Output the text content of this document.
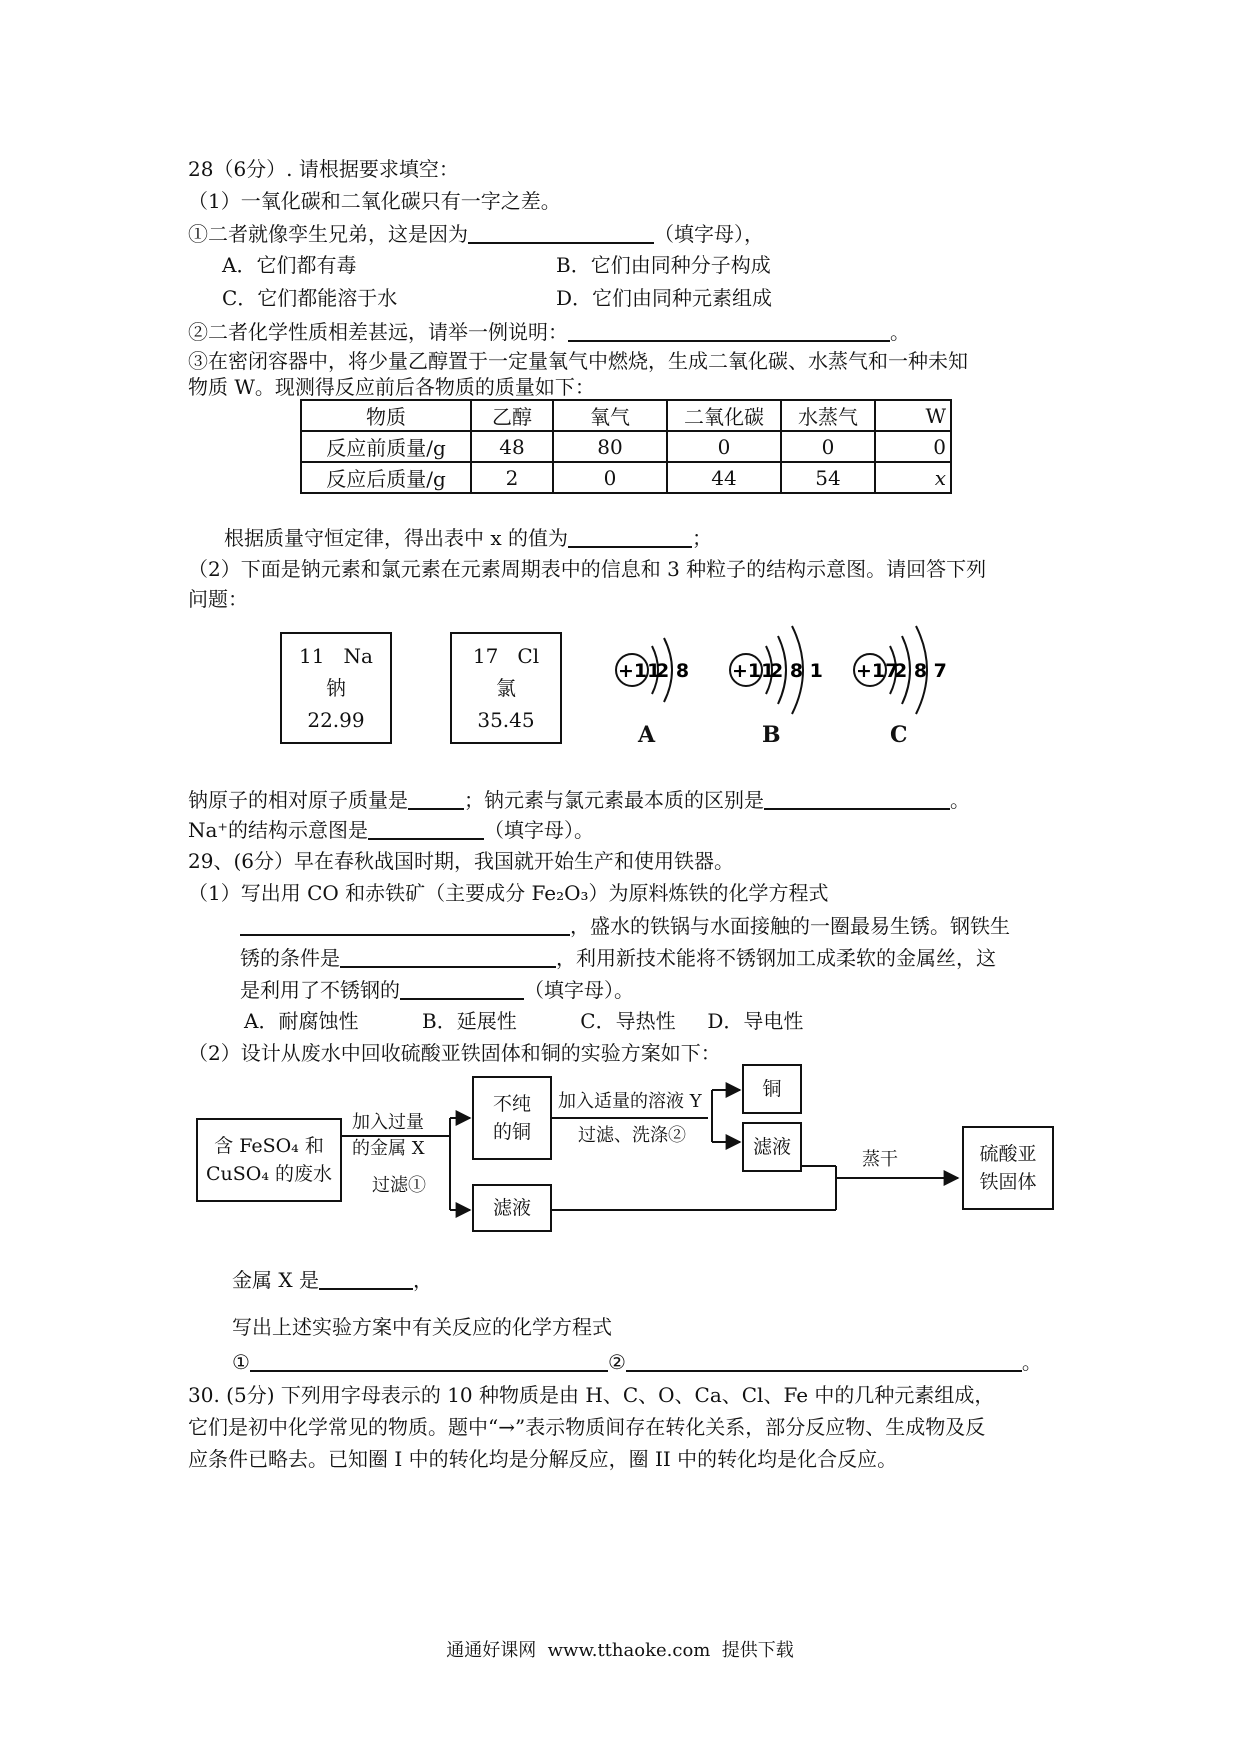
28（6分）. 请根据要求填空：
（1）一氧化碳和二氧化碳只有一字之差。
①二者就像孪生兄弟，这是因为	（填字母），
A．它们都有毒	B．它们由同种分子构成
C．它们都能溶于水	D．它们由同种元素组成
②二者化学性质相差甚远，请举一例说明：	。
③在密闭容器中，将少量乙醇置于一定量氧气中燃烧，生成二氧化碳、水蒸气和一种未知
物质 W。现测得反应前后各物质的质量如下：
物质	乙醇	氧气	二氧化碳	水蒸气	W
反应前质量/g	48	80	0	0	0
反应后质量/g	2	0	44	54	x
根据质量守恒定律，得出表中 x 的值为	；
（2）下面是钠元素和氯元素在元素周期表中的信息和 3 种粒子的结构示意图。请回答下列
问题：
11   Na
钠
22.99
17   Cl
氯
35.45
+11
2 8
A
+11
2 8 1
B
+17
2 8 7
C
钠原子的相对原子质量是	；钠元素与氯元素最本质的区别是	。
Na⁺的结构示意图是	（填字母）。
29、(6分）早在春秋战国时期，我国就开始生产和使用铁器。
（1）写出用 CO 和赤铁矿（主要成分 Fe₂O₃）为原料炼铁的化学方程式
，盛水的铁锅与水面接触的一圈最易生锈。钢铁生
锈的条件是	，利用新技术能将不锈钢加工成柔软的金属丝，这
是利用了不锈钢的	（填字母）。
A．耐腐蚀性          B．延展性          C．导热性     D．导电性
（2）设计从废水中回收硫酸亚铁固体和铜的实验方案如下：
含 FeSO₄ 和
CuSO₄ 的废水
加入过量
的金属 X
过滤①
不纯
的铜
滤液
加入适量的溶液 Y
过滤、洗涤②
铜
滤液
蒸干	硫酸亚
铁固体
金属 X 是	，
写出上述实验方案中有关反应的化学方程式
①	②	。
30. (5分) 下列用字母表示的 10 种物质是由 H、C、O、Ca、Cl、Fe 中的几种元素组成，
它们是初中化学常见的物质。题中“→”表示物质间存在转化关系，部分反应物、生成物及反
应条件已略去。已知圈 I 中的转化均是分解反应，圈 II 中的转化均是化合反应。
通通好课网  www.tthaoke.com  提供下载
